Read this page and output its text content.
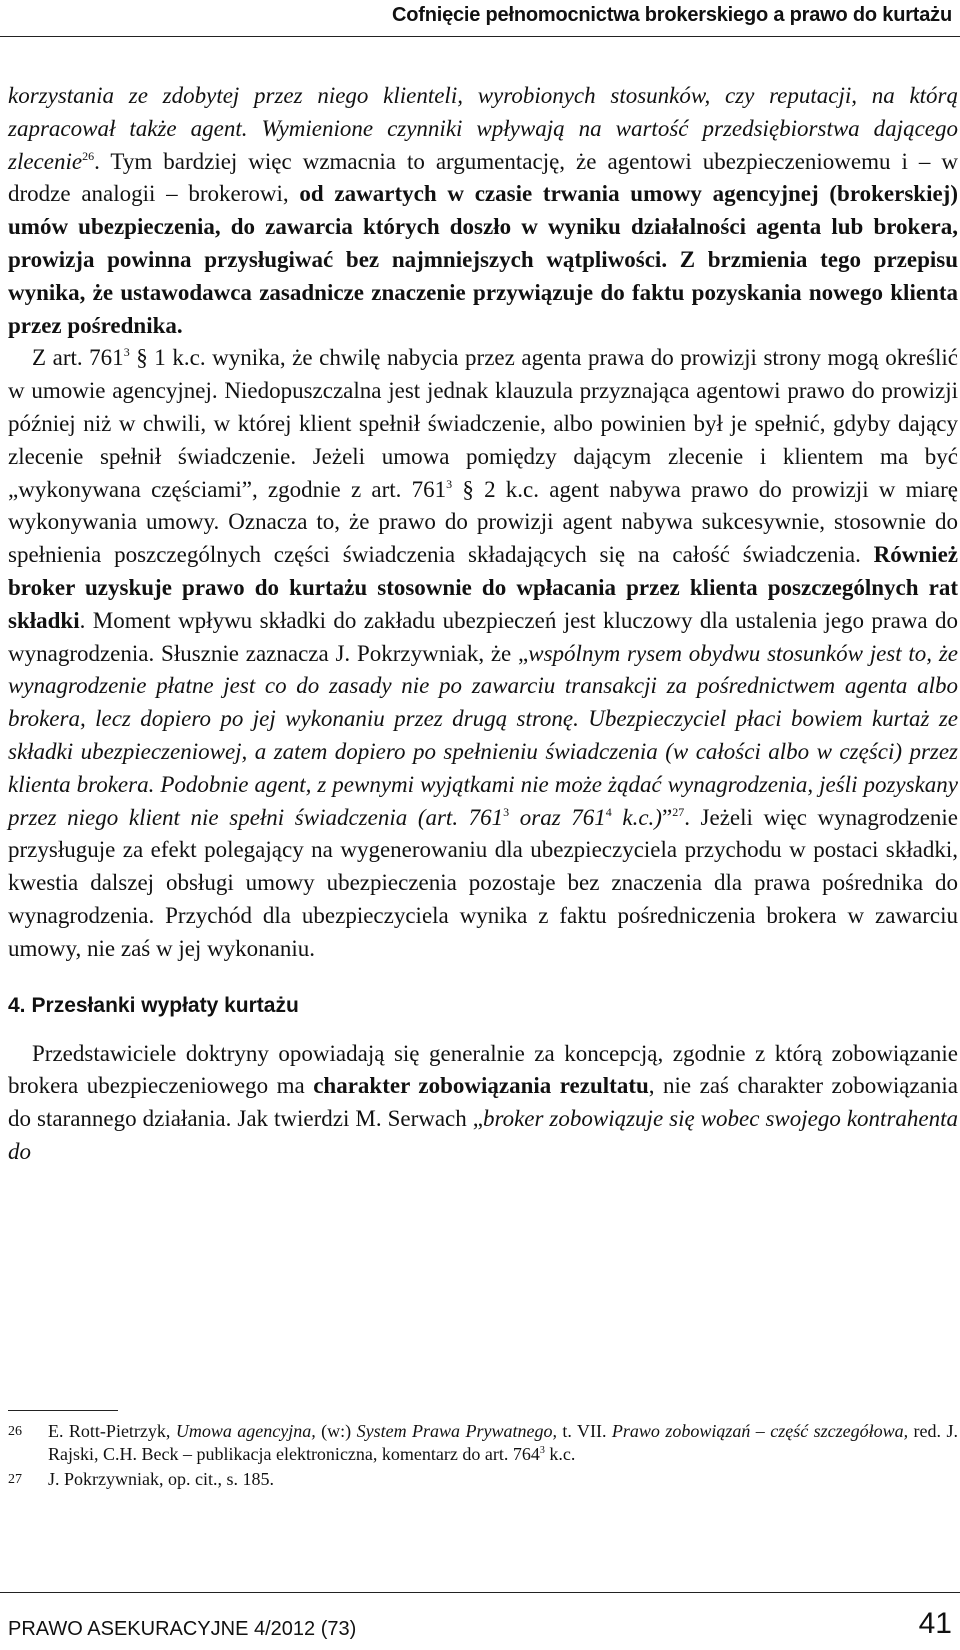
Cofnięcie pełnomocnictwa brokerskiego a prawo do kurtażu

korzystania ze zdobytej przez niego klienteli, wyrobionych stosunków, czy reputacji, na którą zapracował także agent. Wymienione czynniki wpływają na wartość przedsiębiorstwa dającego zlecenie$^{26}$. Tym bardziej więc wzmacnia to argumentację, że agentowi ubezpieczeniowemu i – w drodze analogii – brokerowi, od zawartych w czasie trwania umowy agencyjnej (brokerskiej) umów ubezpieczenia, do zawarcia których doszło w wyniku działalności agenta lub brokera, prowizja powinna przysługiwać bez najmniejszych wątpliwości. Z brzmienia tego przepisu wynika, że ustawodawca zasadnicze znaczenie przywiązuje do faktu pozyskania nowego klienta przez pośrednika.

Z art. $761^3$ § 1 k.c. wynika, że chwilę nabycia przez agenta prawa do prowizji strony mogą określić w umowie agencyjnej. Niedopuszczalna jest jednak klauzula przyznająca agentowi prawo do prowizji później niż w chwili, w której klient spełnił świadczenie, albo powinien był je spełnić, gdyby dający zlecenie spełnił świadczenie. Jeżeli umowa pomiędzy dającym zlecenie i klientem ma być „wykonywana częściami”, zgodnie z art. $761^3$ § 2 k.c. agent nabywa prawo do prowizji w miarę wykonywania umowy. Oznacza to, że prawo do prowizji agent nabywa sukcesywnie, stosownie do spełnienia poszczególnych części świadczenia składających się na całość świadczenia. Również broker uzyskuje prawo do kurtażu stosownie do wpłacania przez klienta poszczególnych rat składki. Moment wpływu składki do zakładu ubezpieczeń jest kluczowy dla ustalenia jego prawa do wynagrodzenia. Słusznie zaznacza J. Pokrzywniak, że „wspólnym rysem obydwu stosunków jest to, że wynagrodzenie płatne jest co do zasady nie po zawarciu transakcji za pośrednictwem agenta albo brokera, lecz dopiero po jej wykonaniu przez drugą stronę. Ubezpieczyciel płaci bowiem kurtaż ze składki ubezpieczeniowej, a zatem dopiero po spełnieniu świadczenia (w całości albo w części) przez klienta brokera. Podobnie agent, z pewnymi wyjątkami nie może żądać wynagrodzenia, jeśli pozyskany przez niego klient nie spełni świadczenia (art. $761^3$ oraz $761^4$ k.c.)”$^{27}$. Jeżeli więc wynagrodzenie przysługuje za efekt polegający na wygenerowaniu dla ubezpieczyciela przychodu w postaci składki, kwestia dalszej obsługi umowy ubezpieczenia pozostaje bez znaczenia dla prawa pośrednika do wynagrodzenia. Przychód dla ubezpieczyciela wynika z faktu pośredniczenia brokera w zawarciu umowy, nie zaś w jej wykonaniu.

4. Przesłanki wypłaty kurtażu

Przedstawiciele doktryny opowiadają się generalnie za koncepcją, zgodnie z którą zobowiązanie brokera ubezpieczeniowego ma charakter zobowiązania rezultatu, nie zaś charakter zobowiązania do starannego działania. Jak twierdzi M. Serwach „broker zobowiązuje się wobec swojego kontrahenta do

26	E. Rott-Pietrzyk, Umowa agencyjna, (w:) System Prawa Prywatnego, t. VII. Prawo zobowiązań – część szczegółowa, red. J. Rajski, C.H. Beck – publikacja elektroniczna, komentarz do art. $764^3$ k.c.
27	J. Pokrzywniak, op. cit., s. 185.
PRAWO ASEKURACYJNE 4/2012 (73)	41
